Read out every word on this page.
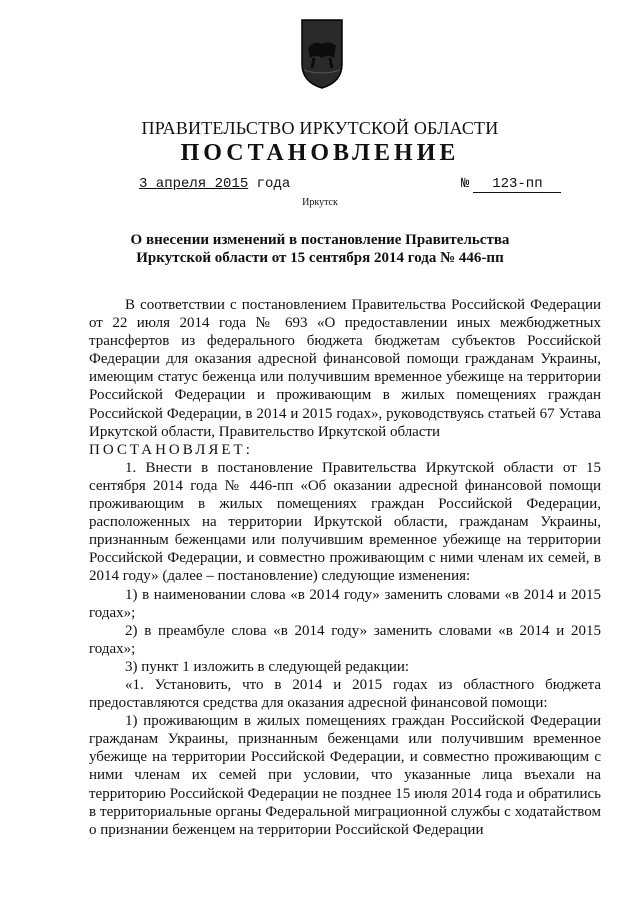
ПРАВИТЕЛЬСТВО ИРКУТСКОЙ ОБЛАСТИ
ПОСТАНОВЛЕНИЕ
3 апреля 2015 года	№ 123-пп
Иркутск
О внесении изменений в постановление Правительства Иркутской области от 15 сентября 2014 года № 446-пп

В соответствии с постановлением Правительства Российской Федерации от 22 июля 2014 года № 693 «О предоставлении иных межбюджетных трансфертов из федерального бюджета бюджетам субъектов Российской Федерации для оказания адресной финансовой помощи гражданам Украины, имеющим статус беженца или получившим временное убежище на территории Российской Федерации и проживающим в жилых помещениях граждан Российской Федерации, в 2014 и 2015 годах», руководствуясь статьей 67 Устава Иркутской области, Правительство Иркутской области

ПОСТАНОВЛЯЕТ:

1. Внести в постановление Правительства Иркутской области от 15 сентября 2014 года № 446-пп «Об оказании адресной финансовой помощи проживающим в жилых помещениях граждан Российской Федерации, расположенных на территории Иркутской области, гражданам Украины, признанным беженцами или получившим временное убежище на территории Российской Федерации, и совместно проживающим с ними членам их семей, в 2014 году» (далее – постановление) следующие изменения:

1) в наименовании слова «в 2014 году» заменить словами «в 2014 и 2015 годах»;

2) в преамбуле слова «в 2014 году» заменить словами «в 2014 и 2015 годах»;

3) пункт 1 изложить в следующей редакции:

«1. Установить, что в 2014 и 2015 годах из областного бюджета предоставляются средства для оказания адресной финансовой помощи:

1) проживающим в жилых помещениях граждан Российской Федерации гражданам Украины, признанным беженцами или получившим временное убежище на территории Российской Федерации, и совместно проживающим с ними членам их семей при условии, что указанные лица въехали на территорию Российской Федерации не позднее 15 июля 2014 года и обратились в территориальные органы Федеральной миграционной службы с ходатайством о признании беженцем на территории Российской Федерации
